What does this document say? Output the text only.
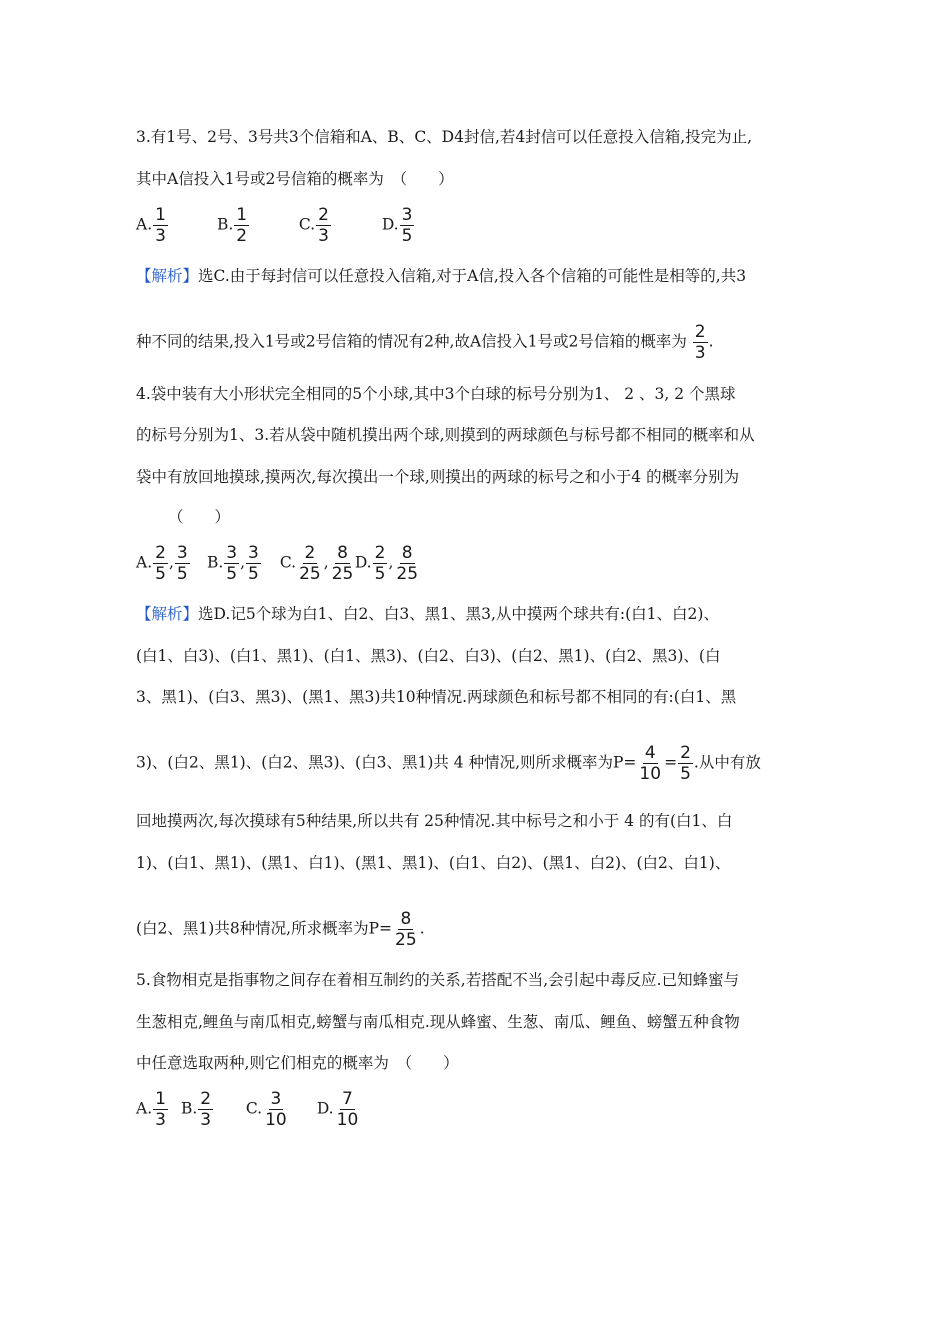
3.有1号、2号、3号共3个信箱和A、B、C、D4封信,若4封信可以任意投入信箱,投完为止,
其中A信投入1号或2号信箱的概率为　（　　）
A. $\frac{1}{3}$	B. $\frac{1}{2}$	C. $\frac{2}{3}$	D. $\frac{3}{5}$
【解析】选C.由于每封信可以任意投入信箱,对于A信,投入各个信箱的可能性是相等的,共3
种不同的结果,投入1号或2号信箱的情况有2种,故A信投入1号或2号信箱的概率为 $\frac{2}{3}$ .
4.袋中装有大小形状完全相同的5个小球,其中3个白球的标号分别为1、 2 、3, 2 个黑球
的标号分别为1、3.若从袋中随机摸出两个球,则摸到的两球颜色与标号都不相同的概率和从
袋中有放回地摸球,摸两次,每次摸出一个球,则摸出的两球的标号之和小于4 的概率分别为
（　　）
A. $\frac{2}{5}$ , $\frac{3}{5} B$. $\frac{3}{5}$ , $\frac{3}{5} C$. $\frac{2}{25}$ , $\frac{8}{25} D$. $\frac{2}{5}$ , $\frac{8}{25}$
【解析】选D.记5个球为白1、白2、白3、黑1、黑3,从中摸两个球共有:(白1、白2)、
(白1、白3)、(白1、黑1)、(白1、黑3)、(白2、白3)、(白2、黑1)、(白2、黑3)、(白
3、黑1)、(白3、黑3)、(黑1、黑3)共10种情况.两球颜色和标号都不相同的有:(白1、黑
3)、(白2、黑1)、(白2、黑3)、(白3、黑1)共 4 种情况,则所求概率为$P= \frac{4}{10} = \frac{2}{5}$ .从中有放
回地摸两次,每次摸球有5种结果,所以共有 25种情况.其中标号之和小于 4 的有(白1、白
1)、(白1、黑1)、(黑1、白1)、(黑1、黑1)、(白1、白2)、(黑1、白2)、(白2、白1)、
(白2、黑1)共8种情况,所求概率为$P= \frac{8}{25}$ .
5.食物相克是指事物之间存在着相互制约的关系,若搭配不当,会引起中毒反应.已知蜂蜜与
生葱相克,鲤鱼与南瓜相克,螃蟹与南瓜相克.现从蜂蜜、生葱、南瓜、鲤鱼、螃蟹五种食物
中任意选取两种,则它们相克的概率为　（　　）
A. $\frac{1}{3} B$. $\frac{2}{3} C$. $\frac{3}{10} D$. $\frac{7}{10}$
